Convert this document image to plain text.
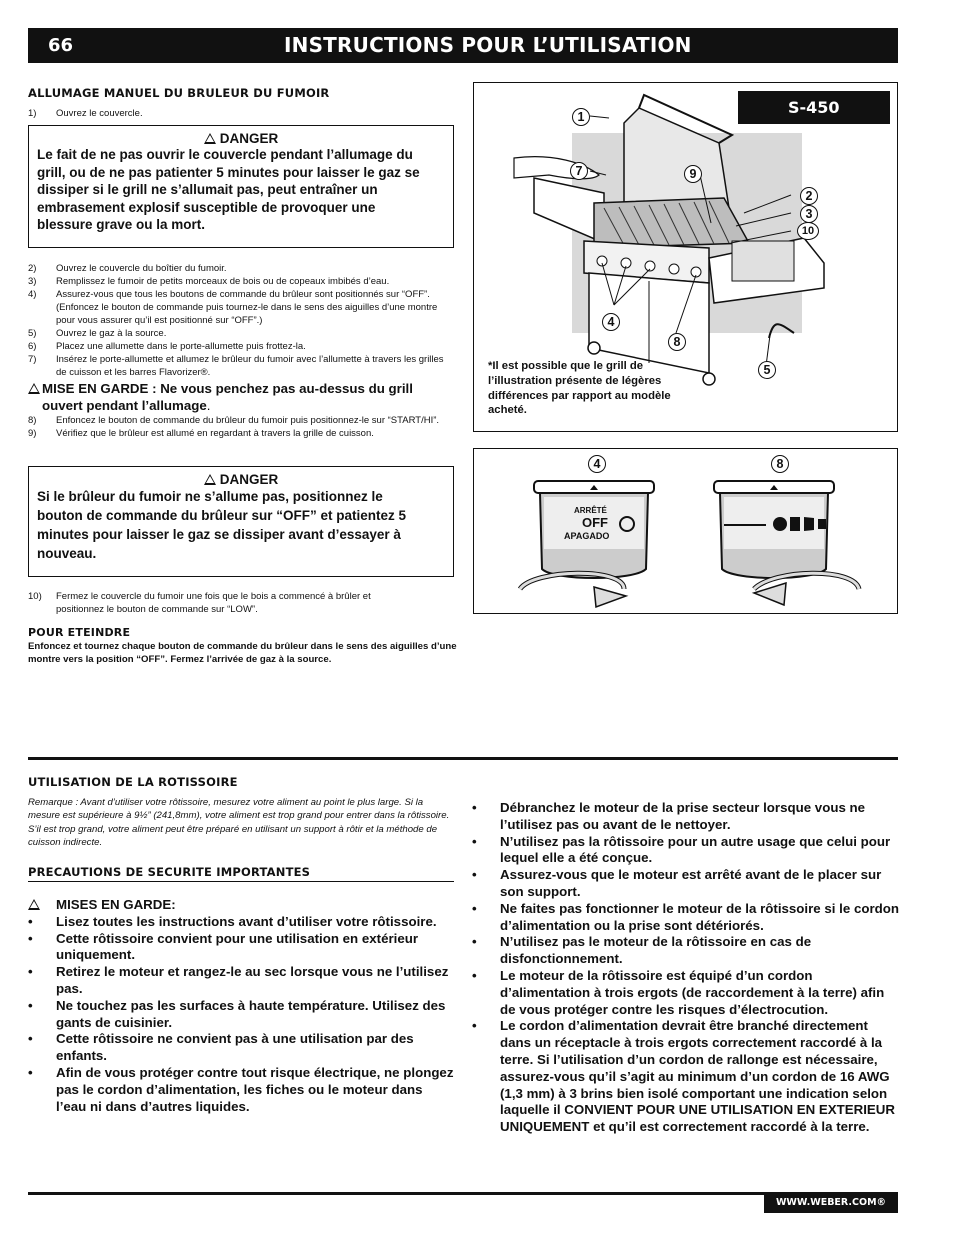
66	INSTRUCTIONS POUR L’UTILISATION
ALLUMAGE MANUEL DU BRULEUR DU FUMOIR
1)	Ouvrez le couvercle.
DANGER
Le fait de ne pas ouvrir le couvercle pendant l’allumage du grill, ou de ne pas patienter 5 minutes pour laisser le gaz se dissiper si le grill ne s’allumait pas, peut entraîner un embrasement explosif susceptible de provoquer une blessure grave ou la mort.
2)	Ouvrez le couvercle du boîtier du fumoir.
3)	Remplissez le fumoir de petits morceaux de bois ou de copeaux imbibés d’eau.
4)	Assurez-vous que tous les boutons de commande du brûleur sont positionnés sur “OFF”. (Enfoncez le bouton de commande puis tournez-le dans le sens des aiguilles d’une montre pour vous assurer qu’il est positionné sur “OFF”.)
5)	Ouvrez le gaz à la source.
6)	Placez une allumette dans le porte-allumette puis frottez-la.
7)	Insérez le porte-allumette et allumez le brûleur du fumoir avec l’allumette à travers les grilles de cuisson et les barres Flavorizer®.
MISE EN GARDE : Ne vous penchez pas au-dessus du grill ouvert pendant l’allumage.
8)	Enfoncez le bouton de commande du brûleur du fumoir puis positionnez-le sur “START/HI”.
9)	Vérifiez que le brûleur est allumé en regardant à travers la grille de cuisson.
DANGER
Si le brûleur du fumoir ne s’allume pas, positionnez le bouton de commande du brûleur sur “OFF” et patientez 5 minutes pour laisser le gaz se dissiper avant d’essayer à nouveau.
10)	Fermez le couvercle du fumoir une fois que le bois a commencé à brûler et positionnez le bouton de commande sur “LOW”.
POUR ETEINDRE
Enfoncez et tournez chaque bouton de commande du brûleur dans le sens des aiguilles d’une montre vers la position “OFF”. Fermez l’arrivée de gaz à la source.
S-450
1
7	9
2
3
10
4
8
5
*Il est possible que le grill de l’illustration présente de légères différences par rapport au modèle acheté.
4	8
ARRÊTÉ
OFF
APAGADO
UTILISATION DE LA ROTISSOIRE
Remarque : Avant d’utiliser votre rôtissoire, mesurez votre aliment au point le plus large. Si la mesure est supérieure à 9½” (241,8mm), votre aliment est trop grand pour entrer dans la rôtissoire. S’il est trop grand, votre aliment peut être préparé en utilisant un support à rôtir et la méthode de cuisson indirecte.
PRECAUTIONS DE SECURITE IMPORTANTES
MISES EN GARDE:
•	Lisez toutes les instructions avant d’utiliser votre rôtissoire.
•	Cette rôtissoire convient pour une utilisation en extérieur uniquement.
•	Retirez le moteur et rangez-le au sec lorsque vous ne l’utilisez pas.
•	Ne touchez pas les surfaces à haute température. Utilisez des gants de cuisinier.
•	Cette rôtissoire ne convient pas à une utilisation par des enfants.
•	Afin de vous protéger contre tout risque électrique, ne plongez pas le cordon d’alimentation, les fiches ou le moteur dans l’eau ni dans d’autres liquides.
•	Débranchez le moteur de la prise secteur lorsque vous ne l’utilisez pas ou avant de le nettoyer.
•	N’utilisez pas la rôtissoire pour un autre usage que celui pour lequel elle a été conçue.
•	Assurez-vous que le moteur est arrêté avant de le placer sur son support.
•	Ne faites pas fonctionner le moteur de la rôtissoire si le cordon d’alimentation ou la prise sont détériorés.
•	N’utilisez pas le moteur de la rôtissoire en cas de disfonctionnement.
•	Le moteur de la rôtissoire est équipé d’un cordon d’alimentation à trois ergots (de raccordement à la terre) afin de vous protéger contre les risques d’électrocution.
•	Le cordon d’alimentation devrait être branché directement dans un réceptacle à trois ergots correctement raccordé à la terre. Si l’utilisation d’un cordon de rallonge est nécessaire, assurez-vous qu’il s’agit au minimum d’un cordon de 16 AWG (1,3 mm) à 3 brins bien isolé comportant une indication selon laquelle il CONVIENT POUR UNE UTILISATION EN EXTERIEUR UNIQUEMENT et qu’il est correctement raccordé à la terre.
WWW.WEBER.COM®
